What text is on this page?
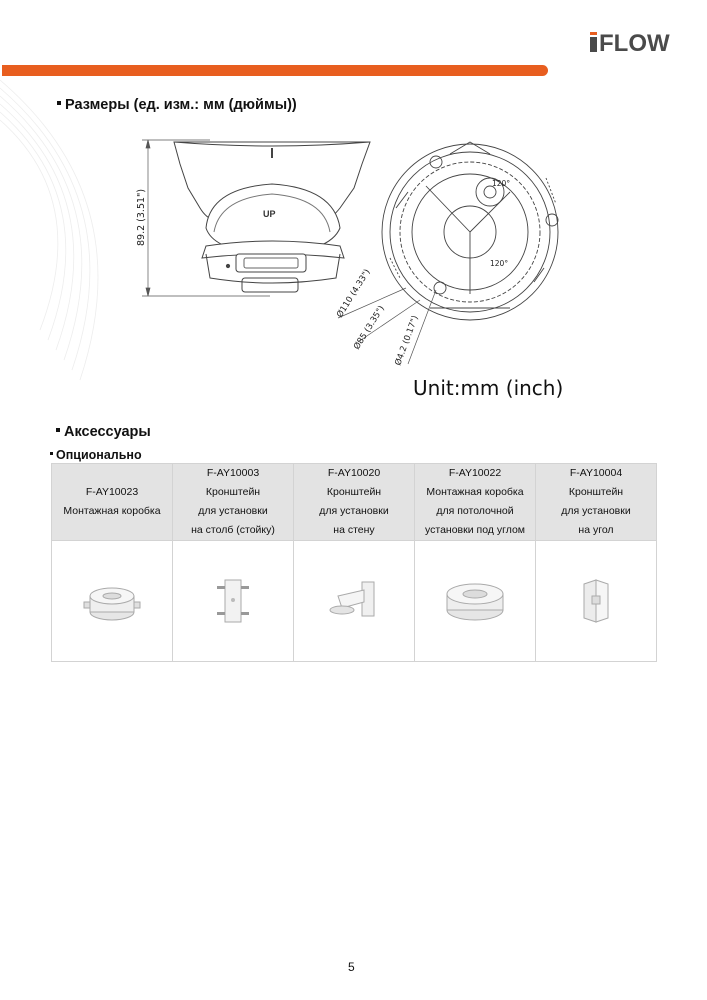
FLOW
Размеры (ед. изм.: мм (дюймы))
89.2 (3.51")	UP
120°
120°
Ø110 (4.33")
Ø85 (3.35") Ø4.2 (0.17")
Unit:mm (inch)
Аксессуары
Опционально
F-AY10023
Монтажная коробка	F-AY10003
Кронштейн
для установки
на столб (стойку)	F-AY10020
Кронштейн
для установки
на стену	F-AY10022
Монтажная коробка
для потолочной
установки под углом	F-AY10004
Кронштейн
для установки
на угол

5
